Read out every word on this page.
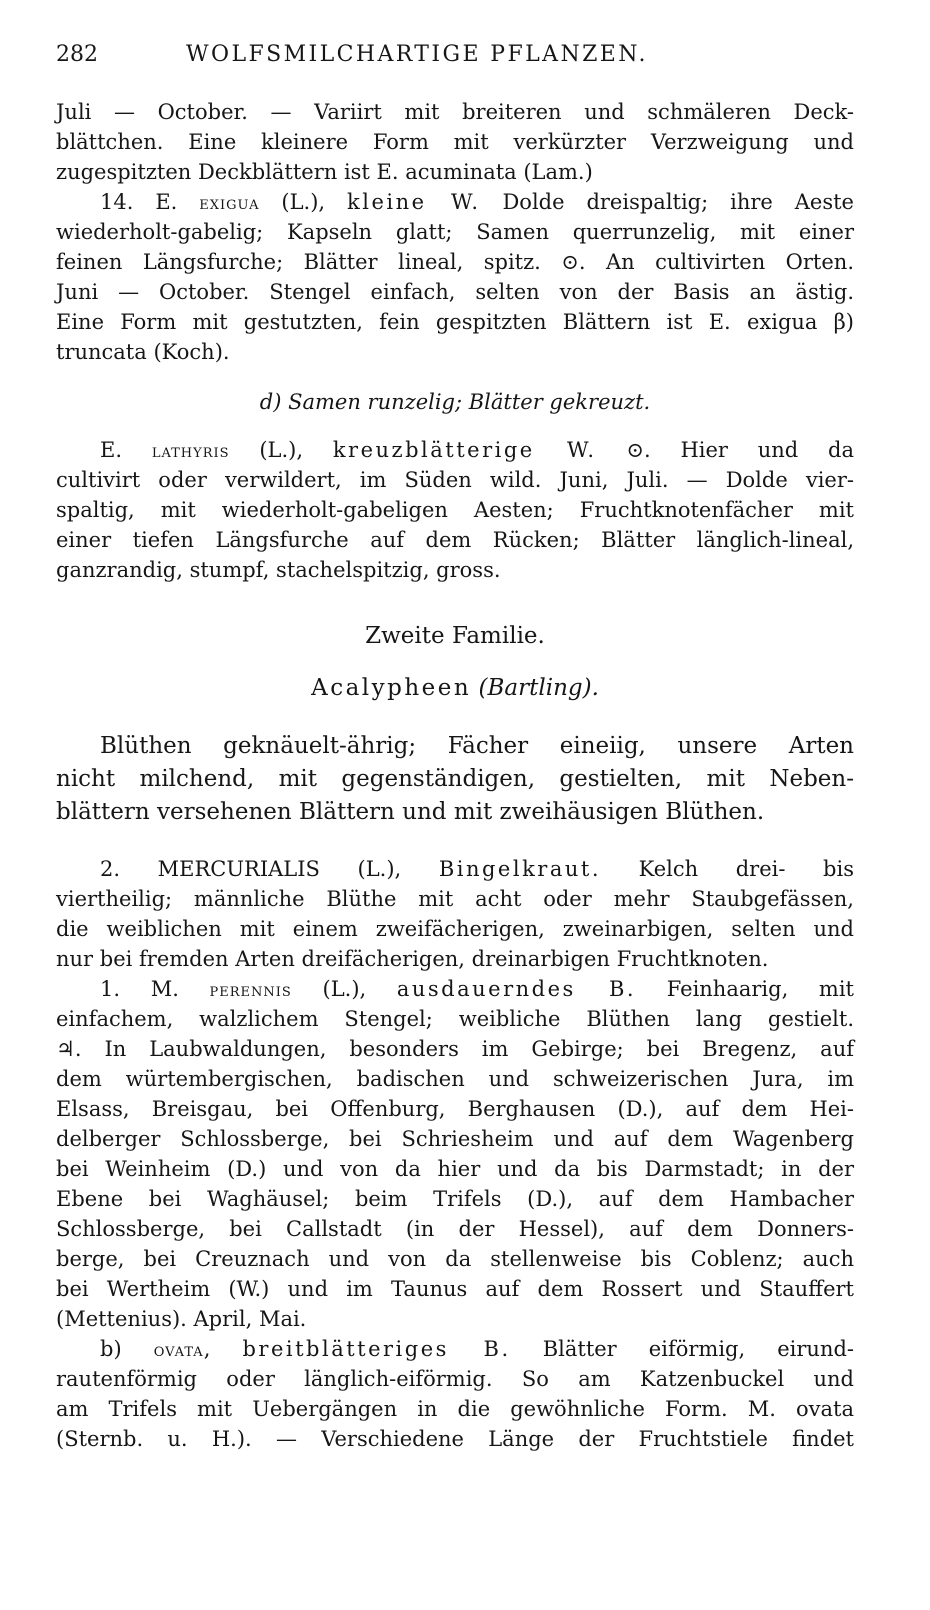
282	WOLFSMILCHARTIGE PFLANZEN.
Juli — October. — Variirt mit breiteren und schmäleren Deck-
blättchen. Eine kleinere Form mit verkürzter Verzweigung und
zugespitzten Deckblättern ist E. acuminata (Lam.)
14. E. exigua (L.), kleine W. Dolde dreispaltig; ihre Aeste
wiederholt-gabelig; Kapseln glatt; Samen querrunzelig, mit einer
feinen Längsfurche; Blätter lineal, spitz. ⊙. An cultivirten Orten.
Juni — October. Stengel einfach, selten von der Basis an ästig.
Eine Form mit gestutzten, fein gespitzten Blättern ist E. exigua β)
truncata (Koch).
d) Samen runzelig; Blätter gekreuzt.
E. lathyris (L.), kreuzblätterige W. ⊙. Hier und da
cultivirt oder verwildert, im Süden wild. Juni, Juli. — Dolde vier-
spaltig, mit wiederholt-gabeligen Aesten; Fruchtknotenfächer mit
einer tiefen Längsfurche auf dem Rücken; Blätter länglich-lineal,
ganzrandig, stumpf, stachelspitzig, gross.
Zweite Familie.
Acalypheen (Bartling).
Blüthen geknäuelt-ährig; Fächer eineiig, unsere Arten
nicht milchend, mit gegenständigen, gestielten, mit Neben-
blättern versehenen Blättern und mit zweihäusigen Blüthen.
2. MERCURIALIS (L.), Bingelkraut. Kelch drei- bis
viertheilig; männliche Blüthe mit acht oder mehr Staubgefässen,
die weiblichen mit einem zweifächerigen, zweinarbigen, selten und
nur bei fremden Arten dreifächerigen, dreinarbigen Fruchtknoten.
1. M. perennis (L.), ausdauerndes B. Feinhaarig, mit
einfachem, walzlichem Stengel; weibliche Blüthen lang gestielt.
♃. In Laubwaldungen, besonders im Gebirge; bei Bregenz, auf
dem würtembergischen, badischen und schweizerischen Jura, im
Elsass, Breisgau, bei Offenburg, Berghausen (D.), auf dem Hei-
delberger Schlossberge, bei Schriesheim und auf dem Wagenberg
bei Weinheim (D.) und von da hier und da bis Darmstadt; in der
Ebene bei Waghäusel; beim Trifels (D.), auf dem Hambacher
Schlossberge, bei Callstadt (in der Hessel), auf dem Donners-
berge, bei Creuznach und von da stellenweise bis Coblenz; auch
bei Wertheim (W.) und im Taunus auf dem Rossert und Stauffert
(Mettenius). April, Mai.
b) ovata, breitblätteriges B. Blätter eiförmig, eirund-
rautenförmig oder länglich-eiförmig. So am Katzenbuckel und
am Trifels mit Uebergängen in die gewöhnliche Form. M. ovata
(Sternb. u. H.). — Verschiedene Länge der Fruchtstiele findet
